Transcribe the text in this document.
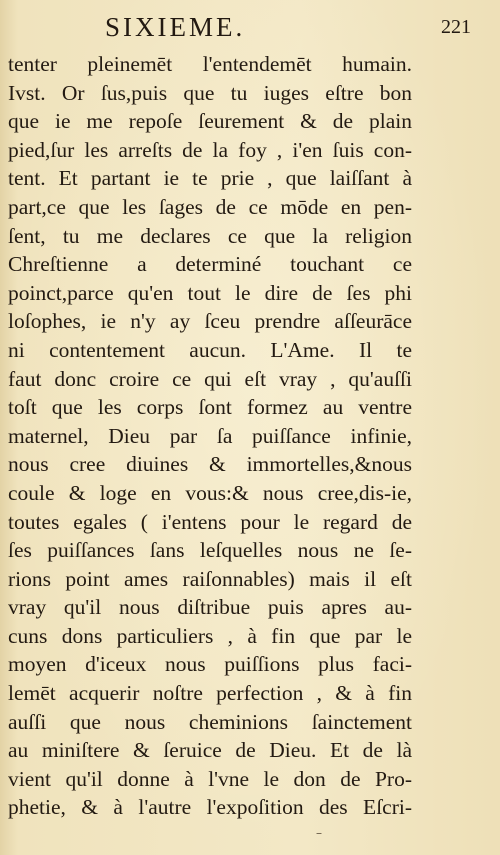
SIXIEME.	221
tenter pleinemēt l'entendemēt humain.
Ivst. Or ſus,puis que tu iuges eſtre bon
que ie me repoſe ſeurement & de plain
pied,ſur les arreſts de la foy , i'en ſuis con-
tent. Et partant ie te prie , que laiſſant à
part,ce que les ſages de ce mōde en pen-
ſent, tu me declares ce que la religion
Chreſtienne a determiné touchant ce
poinct,parce qu'en tout le dire de ſes phi
loſophes, ie n'y ay ſceu prendre aſſeurāce
ni contentement aucun. L'Ame. Il te
faut donc croire ce qui eſt vray , qu'auſſi
toſt que les corps ſont formez au ventre
maternel, Dieu par ſa puiſſance infinie,
nous cree diuines & immortelles,&nous
coule & loge en vous:& nous cree,dis-ie,
toutes egales ( i'entens pour le regard de
ſes puiſſances ſans leſquelles nous ne ſe-
rions point ames raiſonnables) mais il eſt
vray qu'il nous diſtribue puis apres au-
cuns dons particuliers , à fin que par le
moyen d'iceux nous puiſſions plus faci-
lemēt acquerir noſtre perfection , & à fin
auſſi que nous cheminions ſainctement
au miniſtere & ſeruice de Dieu. Et de là
vient qu'il donne à l'vne le don de Pro-
phetie, & à l'autre l'expoſition des Eſcri-
–
